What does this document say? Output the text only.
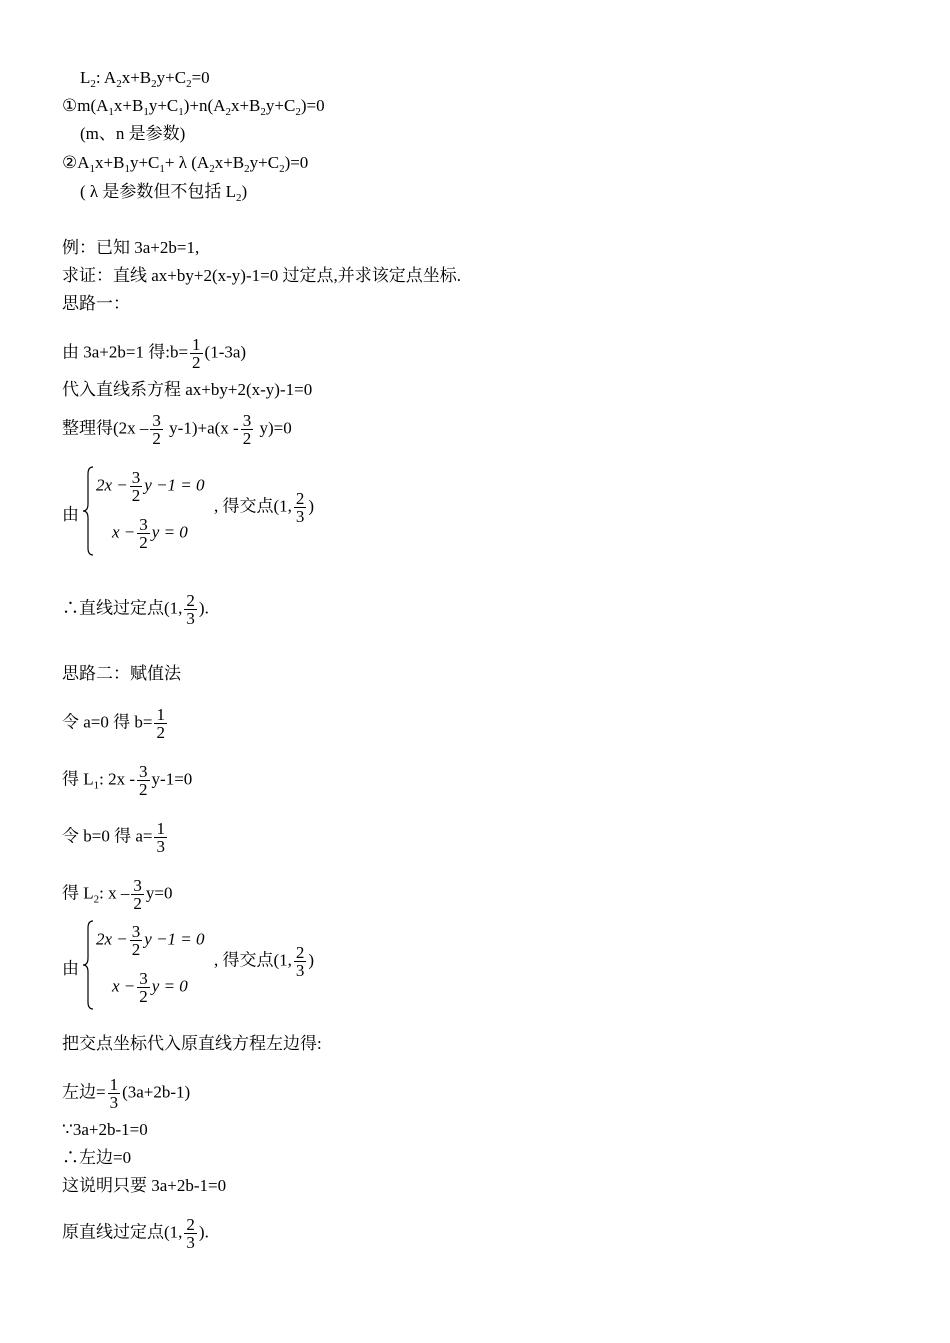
$L_2$: $A_2x+B_2y+C_2=0$
$①m(A_1x+B_1y+C_1)+n(A_2x+B_2y+C_2)=0$
(m、n 是参数)
$②A_1x+B_1y+C_1+ \lambda$ $(A_2x+B_2y+C_2)=0$
( λ 是参数但不包括 $L_2$)
例：已知 3a+2b=1,
求证：直线 ax+by+2(x-y)-1=0 过定点,并求该定点坐标.
思路一：
由 3a+2b=1 得:b= $\frac{1}{2} (1-3a)$
代入直线系方程 ax+by+2(x-y)-1=0
整理得$(2x - \frac{3}{2} y-1)+a(x - \frac{3}{2} y)=0$
由
$2x - \frac{3}{2}$ y −1 = 0
$x - \frac{3}{2}$ y = 0
, 得交点(1, $\frac{2}{3}$ )
∴直线过定点(1, $\frac{2}{3}$ ).
思路二：赋值法
令 a=0 得 $b= \frac{1}{2}$
得 $L_1$: $2x - \frac{3}{2} y-1=0$
令 b=0 得 $a= \frac{1}{3}$
得 $L_2$: $x - \frac{3}{2} y=0$
由
$2x - \frac{3}{2}$ y −1 = 0
$x - \frac{3}{2}$ y = 0
, 得交点(1, $\frac{2}{3}$ )
把交点坐标代入原直线方程左边得:
左边= $\frac{1}{3} (3a+2b-1)$
∵3a+2b-1=0
∴左边=0
这说明只要 3a+2b-1=0
原直线过定点(1, $\frac{2}{3}$ ).
